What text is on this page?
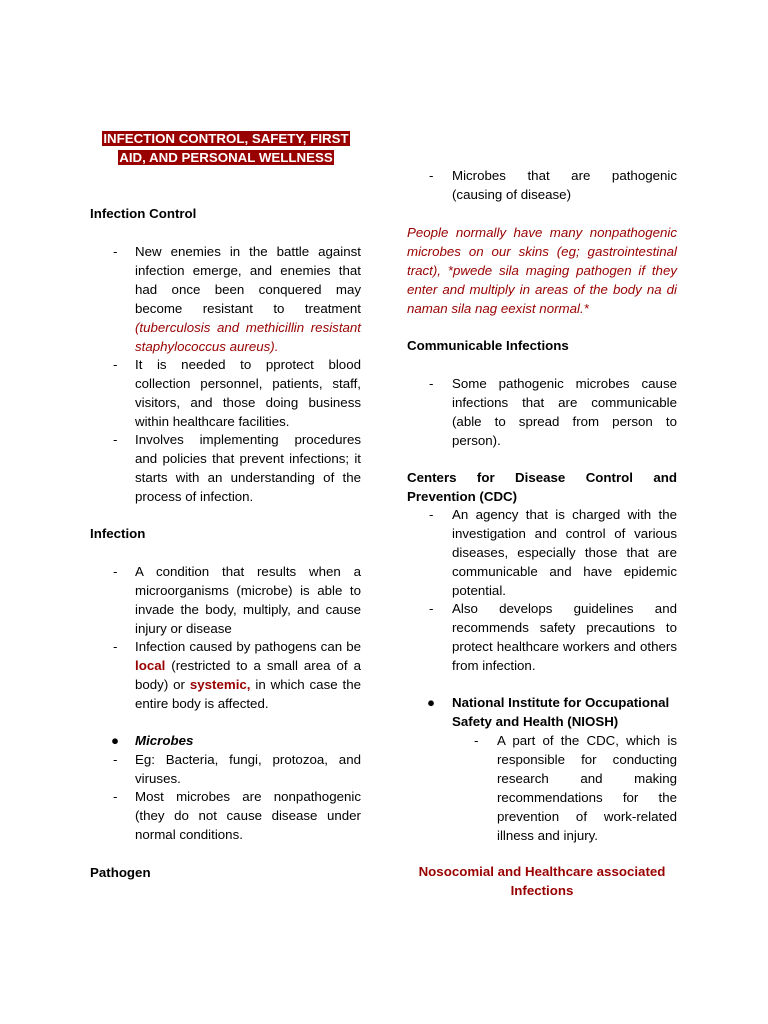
INFECTION CONTROL, SAFETY, FIRST
AID, AND PERSONAL WELLNESS
Infection Control
- New enemies in the battle against infection emerge, and enemies that had once been conquered may become resistant to treatment (tuberculosis and methicillin resistant staphylococcus aureus).
- It is needed to pprotect blood collection personnel, patients, staff, visitors, and those doing business within healthcare facilities.
- Involves implementing procedures and policies that prevent infections; it starts with an understanding of the process of infection.
Infection
- A condition that results when a microorganisms (microbe) is able to invade the body, multiply, and cause injury or disease
- Infection caused by pathogens can be local (restricted to a small area of a body) or systemic, in which case the entire body is affected.
● Microbes
- Eg: Bacteria, fungi, protozoa, and viruses.
- Most microbes are nonpathogenic (they do not cause disease under normal conditions.
Pathogen
- Microbes that are pathogenic (causing of disease)
People normally have many nonpathogenic microbes on our skins (eg; gastrointestinal tract), *pwede sila maging pathogen if they enter and multiply in areas of the body na di naman sila nag eexist normal.*
Communicable Infections
- Some pathogenic microbes cause infections that are communicable (able to spread from person to person).
Centers for Disease Control and Prevention (CDC)
- An agency that is charged with the investigation and control of various diseases, especially those that are communicable and have epidemic potential.
- Also develops guidelines and recommends safety precautions to protect healthcare workers and others from infection.
● National Institute for Occupational Safety and Health (NIOSH)
- A part of the CDC, which is responsible for conducting research and making recommendations for the prevention of work-related illness and injury.
Nosocomial and Healthcare associated
Infections
